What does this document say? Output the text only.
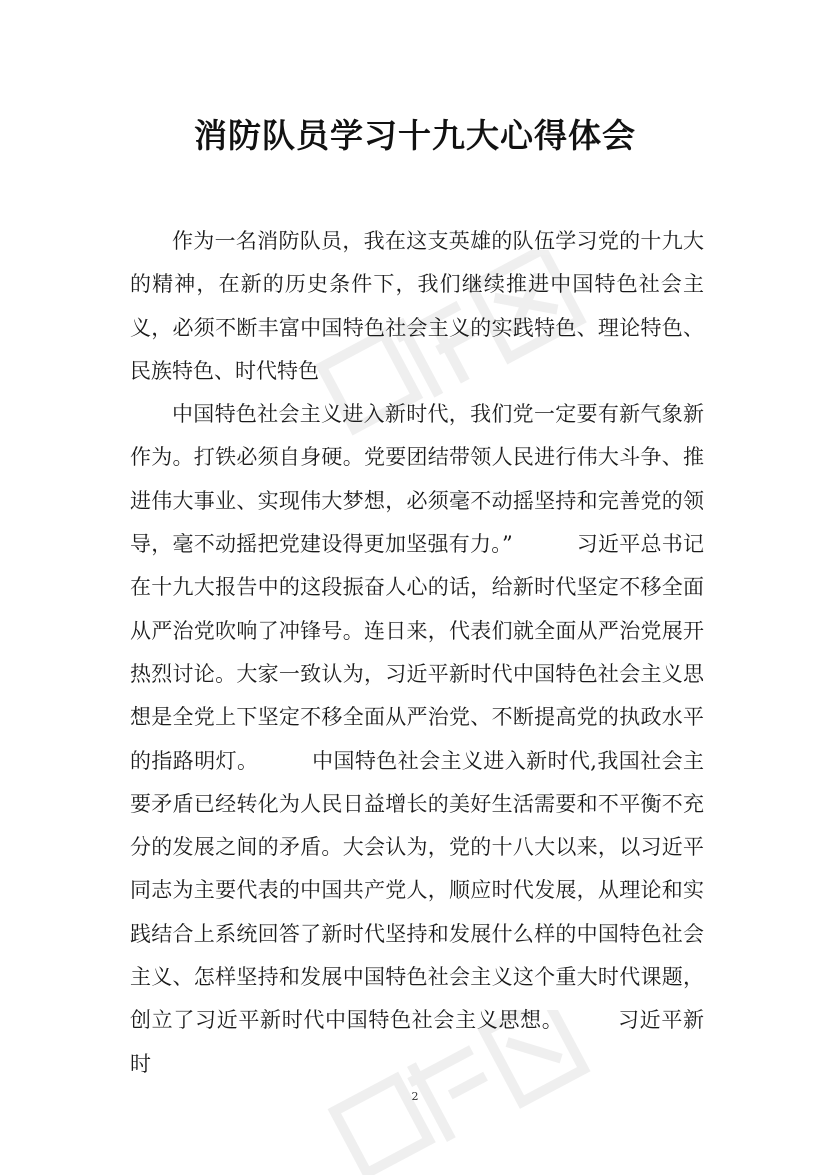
消防队员学习十九大心得体会

作为一名消防队员，我在这支英雄的队伍学习党的十九大的精神，在新的历史条件下，我们继续推进中国特色社会主义，必须不断丰富中国特色社会主义的实践特色、理论特色、民族特色、时代特色

中国特色社会主义进入新时代，我们党一定要有新气象新作为。打铁必须自身硬。党要团结带领人民进行伟大斗争、推进伟大事业、实现伟大梦想，必须毫不动摇坚持和完善党的领导，毫不动摇把党建设得更加坚强有力。”　　　习近平总书记在十九大报告中的这段振奋人心的话，给新时代坚定不移全面从严治党吹响了冲锋号。连日来，代表们就全面从严治党展开热烈讨论。大家一致认为，习近平新时代中国特色社会主义思想是全党上下坚定不移全面从严治党、不断提高党的执政水平的指路明灯。　　　中国特色社会主义进入新时代,我国社会主要矛盾已经转化为人民日益增长的美好生活需要和不平衡不充分的发展之间的矛盾。大会认为，党的十八大以来，以习近平同志为主要代表的中国共产党人，顺应时代发展，从理论和实践结合上系统回答了新时代坚持和发展什么样的中国特色社会主义、怎样坚持和发展中国特色社会主义这个重大时代课题，创立了习近平新时代中国特色社会主义思想。　　　习近平新时

2
